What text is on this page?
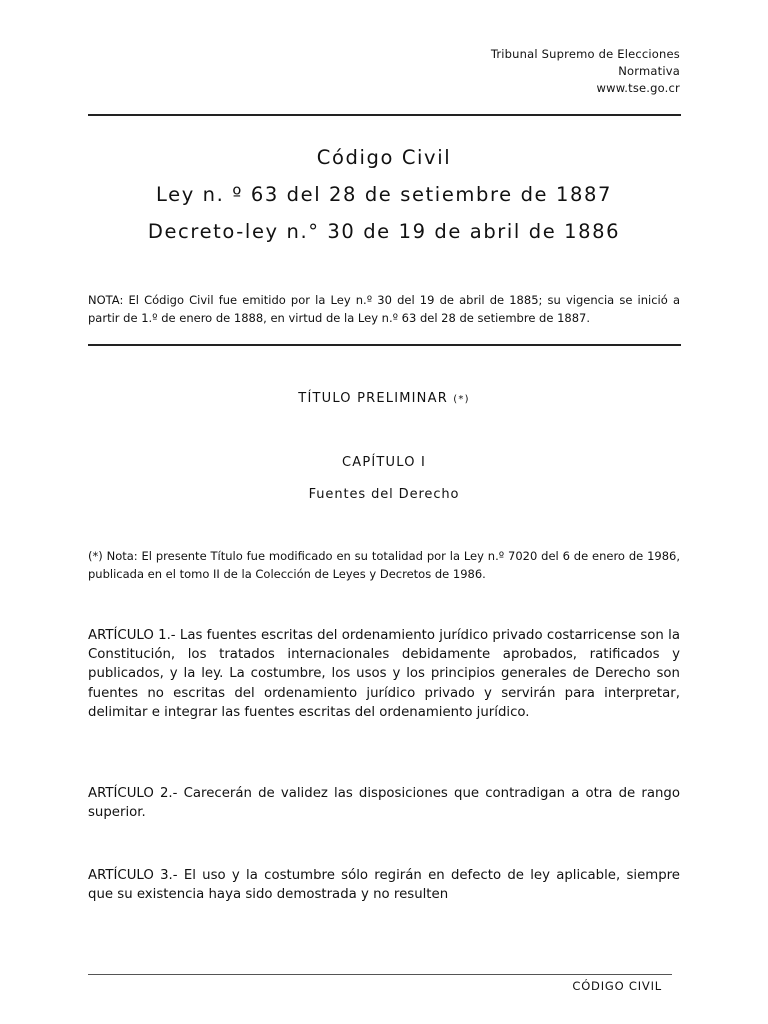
Tribunal Supremo de Elecciones
Normativa
www.tse.go.cr
Código Civil
Ley n. º 63 del 28 de setiembre de 1887
Decreto-ley n.° 30 de 19 de abril de 1886
NOTA: El Código Civil fue emitido por la Ley n.º 30 del 19 de abril de 1885; su vigencia se inició a partir de 1.º de enero de 1888, en virtud de la Ley n.º 63 del 28 de setiembre de 1887.
TÍTULO PRELIMINAR (*)
CAPÍTULO I
Fuentes del Derecho
(*) Nota: El presente Título fue modificado en su totalidad por la Ley n.º 7020 del 6 de enero de 1986, publicada en el tomo II de la Colección de Leyes y Decretos de 1986.
ARTÍCULO 1.- Las fuentes escritas del ordenamiento jurídico privado costarricense son la Constitución, los tratados internacionales debidamente aprobados, ratificados y publicados, y la ley. La costumbre, los usos y los principios generales de Derecho son fuentes no escritas del ordenamiento jurídico privado y servirán para interpretar, delimitar e integrar las fuentes escritas del ordenamiento jurídico.
ARTÍCULO 2.- Carecerán de validez las disposiciones que contradigan a otra de rango superior.
ARTÍCULO 3.- El uso y la costumbre sólo regirán en defecto de ley aplicable, siempre que su existencia haya sido demostrada y no resulten
CÓDIGO CIVIL
